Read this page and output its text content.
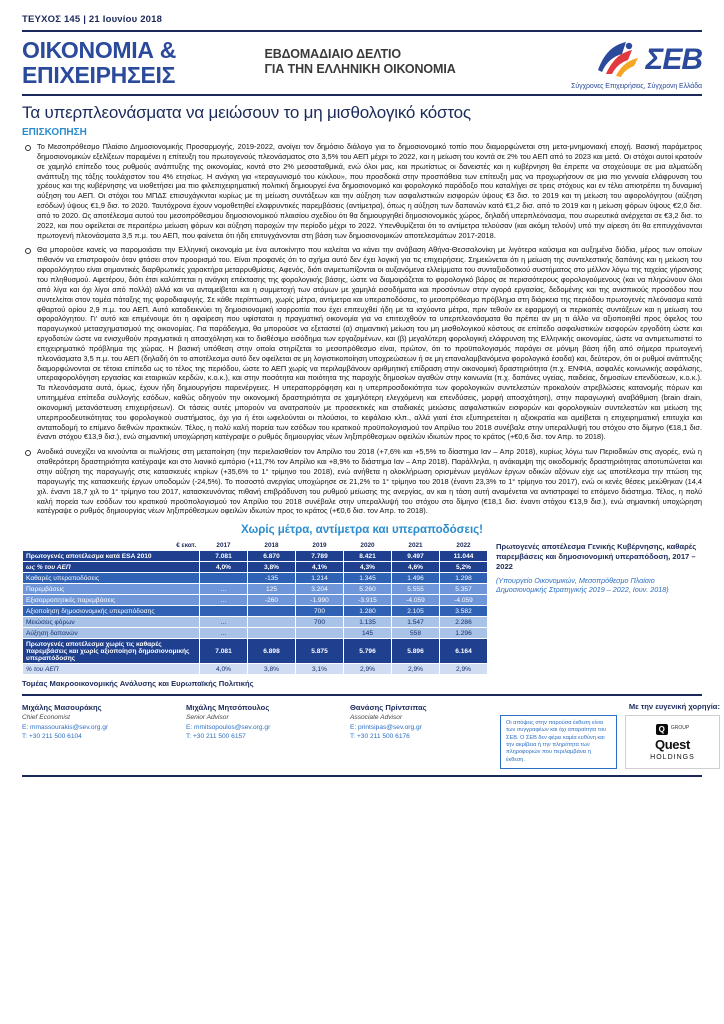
ΤΕΥΧΟΣ 145 | 21 Ιουνίου 2018
ΟΙΚΟΝΟΜΙΑ &
ΕΠΙΧΕΙΡΗΣΕΙΣ
ΕΒΔΟΜΑΔΙΑΙΟ ΔΕΛΤΙΟ
ΓΙΑ ΤΗΝ ΕΛΛΗΝΙΚΗ ΟΙΚΟΝΟΜΙΑ	ΣΕΒ
Σύγχρονες Επιχειρήσεις, Σύγχρονη Ελλάδα
Τα υπερπλεονάσματα να μειώσουν το μη μισθολογικό κόστος
ΕΠΙΣΚΟΠΗΣΗ
Το Μεσοπρόθεσμο Πλαίσιο Δημοσιονομικής Προσαρμογής, 2019-2022, ανοίγει τον δημόσιο διάλογο για το δημοσιονομικό τοπίο που διαμορφώνεται στη μετα-μνημονιακή εποχή. Βασική παράμετρος δημοσιονομικών εξελίξεων παραμένει η επίτευξη του πρωτογενούς πλεονάσματος στο 3,5% του ΑΕΠ μέχρι το 2022, και η μείωση του κοντά σε 2% του ΑΕΠ από το 2023 και μετά. Οι στόχοι αυτοί κρατούν σε χαμηλό επίπεδο τους ρυθμούς ανάπτυξης της οικονομίας, κοντά στο 2% μεσοσταθμικά, ενώ όλοι μας, και πρωτίστως οι δανειστές και η κυβέρνηση θα έπρεπε να στοχεύουμε σε μια αλματώδη ανάπτυξη της τάξης τουλάχιστον του 4% ετησίως. Η ανάγκη για «τεραγωνισμό του κύκλου», που προσδοκά στην προσπάθεια των επίτευξη μας να προχωρήσουν σε μια πιο γενναία ελάφρυνση του χρέους και της κυβέρνησης να υιοθετήσει μια πιο φιλεπιχειρηματική πολιτική δημιουργεί ένα δημοσιονομικό και φορολογικό παράδοξο που καταλήγει σε τρεις στόχους και εν τέλει απιοτρέπει τη δυναμική αύξηση του ΑΕΠ. Οι στόχοι του ΜΠΔΣ επισυχάγκνται κυρίως με τη μείωση συντάξεων και την αύξηση των ασφαλιστικών εισφορών ύψους €3 δισ. το 2019 και τη μείωση του αφορολόγητου (αύξηση εσόδων) ύψους €1,9 δισ. το 2020. Ταυτόχρονα έχουν νομοθετηθεί ελαφρυντικές παρεμβάσεις (αντίμετρα), όπως η αύξηση των δαπανών κατά €1,2 δισ. από το 2019 και η μείωση φόρων ύψους €2,0 δισ. από το 2020. Ως αποτέλεσμα αυτού του μεσοπρόθεσμου δημοσιονομικού πλαισίου σχεδίου ότι θα δημιουργηθεί δημοσιονομικός χώρος, δηλαδή υπερπλεόνασμα, που σωρευτικά ανέρχεται σε €3,2 δισ. το 2022, και που οφείλεται σε περαιτέρω μείωση φόρων και αύξηση παροχών την περίοδο μέχρι το 2022. Υπενθυμίζεται ότι το αντίμετρα τελούσαν (και ακόμη τελούν) υπό την αίρεση ότι θα επιτυγχάνονται πρωτογενή πλεονάσματα 3,5 π.μ. του ΑΕΠ, που φαίνεται ότι ήδη επιτυγχάνονται στη βάση των δημοσιονομικών αποτελεσμάτων 2017-2018.
Θα μπορούσε κανείς να παρομοιάσει την Ελληνική οικονομία με ένα αυτοκίνητο που καλείται να κάνει την ανάβαση Αθήνα-Θεσσαλονίκη με λιγότερα καύσιμα και αυξημένα διόδια, μέρος των οποίων πιθανόν να επιστραφούν όταν φτάσει στον προορισμό του. Είναι προφανές ότι το σχήμα αυτό δεν έχει λογική για τις επιχειρήσεις. Σημειώνεται ότι η μείωση της συντελεστικής δαπάνης και η μείωση του αφορολόγητου είναι σημαντικές διαρθρωτικές χαρακτήρα μεταρρυθμίσεις. Αφενός, διότι ανιμετωπίζονται οι αυξανόμενα ελλείμματα του συνταξιοδοτικού συστήματος στο μέλλον λόγω της ταχείας γήρανσης του πληθυσμού. Αφετέρου, διότι έτσι καλύπτεται η ανάγκη επέκτασης της φορολογικής βάσης, ώστε να διαμοιράζεται το φορολογικό βάρος σε περισσότερους φορολογούμενους (και να πληρώνουν όλοι από λίγα και όχι λίγοι από πολλά) αλλά και να ανταμείβεται και η συμμετοχή των ατόμων με χαμηλά εισοδήματα και προσόντων στην αγορά εργασίας, δεδομένης και της ανισπικούς προσόδου που συντελείται στον τομέα πάταξης της φοροδιαφυγής. Σε κάθε περίπτωση, χωρίς μέτρα, αντίμετρα και υπεραποδόσεις, το μεσοπρόθεσμο πρόβλημα στη διάρκεια της περιόδου πρωτογενές πλεόνασμα κατά φθαρτού ορίου 2,9 π.μ. του ΑΕΠ. Αυτό καταδεικνύει τη δημοσιονομική ισορροπία που έχει επιτευχθεί ήδη με τα ισχύοντα μέτρα, πριν τεθούν εκ εφαρμογή οι περικοπές συντάξεων και η μείωση του αφορολόγητου. Γι' αυτό και επιμένουμε ότι η αφαίρεση που υφίσταται η πραγματική οικονομία για να επιτευχθούν τα υπερπλεονάσματα θα πρέπει αν μη τι άλλο να αξιοποιηθεί προς όφελος του παραγωγικού μετασχηματισμού της οικονομίας. Για παράδειγμα, θα μπορούσε να εξεταστεί (α) σημαντική μείωση του μη μισθολογικού κόστους σε επίπεδο ασφαλιστικών εισφορών εργοδότη ώστε και εργοδοτών ώστε να ενισχυθούν πραγματικά η απασχόληση και το διαθέσιμο εισόδημα των εργαζομένων, και (β) μεγαλύτερη φορολογική ελάφρυνση της Ελληνικής οικονομίας, ώστε να αντιμετωπιστεί το επιχειρηματικό πρόβλημα της χώρας. Η βασική υπόθεση στην οποία στηρίζεται το μεσοπρόθεσμο είναι, πρώτον, ότι το προϋπολογισμός παράγει σε μόνιμη βάση ήδη από σήμερα πρωτογενή πλεονάσματα 3,5 π.μ. του ΑΕΠ (δηλαδή ότι το αποτέλεσμα αυτό δεν οφείλεται σε μη λογιστικοποίηση υποχρεώσεων ή σε μη επαναλαμβανόμενα φορολογικά έσοδα) και, δεύτερον, ότι οι ρυθμοί ανάπτυξης διαμορφώνονται σε τέτοια επίπεδα ως το τέλος της περιόδου, ώστε το ΑΕΠ χωρίς να περιλαμβάνουν αριθμητική επίδραση στην οικονομική δραστηριότητα (π.χ. ΕΝΦΙΑ, ασφαλές κοινωνικής ασφάλισης, υπεραφορολόγηση εργασίας και εταιρικών κερδών, κ.ο.κ.), και στην ποσότητα και ποιότητα της παροχής δημοσίων αγαθών στην κοινωνία (π.χ. δαπάνες υγείας, παιδείας, δημοσίων επενδύσεων, κ.ο.κ.). Τα πλεονάσματα αυτά, όμως, έχουν ήδη δημιουργήσει παρενέργειες. Η υπεραπορρόφηση και η υπερπροσδοκιότητα των φορολογικών συντελεστών προκαλούν στρεβλώσεις κατανομής πόρων και υπιτημμένα επίπεδα συλλογής εσόδων, καθώς οδηγούν την οικονομική δραστηριότητα σε χαμηλότερη ελεγχόμενη και επενδύσεις, μορφή αποσχάτηση), στην παραγωγική αναβάθμιση (brain drain, οικονομική μετανάστευση επιχειρήσεων). Οι τάσεις αυτές μπορούν να ανατραπούν με προσεκτικές και σταδιακές μειώσεις ασφαλιστικών εισφορών και φορολογικών συντελεστών και μείωση της υπερπροοδευτικότητας του φορολογικού συστήματος, όχι για ή έτοι ωφελούνται οι πλούσιοι, το κεφάλαιο κλπ., αλλά γιατί έτσι εξυπηρετείται η αξιοκρατία και αμείβεται η επιχειρηματική επιτυχία και ανταποδομή το επίμενο διεθνών πρακτικών. Τέλος, η πολύ καλή πορεία των εσόδων του κρατικού προϋπολογισμού τον Απρίλιο του 2018 συνέβαλε στην υπεραλλυψή του στόχου στο δίμηνο (€18,1 δισ. έναντι στόχου €13,9 δισ.), ενώ σημαντική υποχώρηση κατέγραψε ο ρυθμός δημιουργίας νέων ληξιπρόθεσμων οφειλών ιδιωτών προς το κράτος (+€0,6 δισ. τον Απρ. το 2018).
Ανοδικά συνεχίζει να κινούνται οι πωλήσεις στη μεταποίηση (την περιελαισθείον τον Απρίλιο του 2018 (+7,6% και +5,5% το δίαστημα Ιαν – Απρ 2018), κυρίως λόγω των Περιοδικών στις αγορές, ενώ η σταθερότερη δραστηριότητα κατέγραψε και στο λιανικό εμπόριο (+11,7% τον Απρίλιο και +8,9% το διάστημα Ιαν – Απρ 2018). Παράλληλα, η ανάκαμψη της οικοδομικής δραστηριότητας αποτυπώνεται και στην αύξηση της παραγωγής στις κατασκευές κτιρίων (+35,6% το 1° τρίμηνο του 2018), ενώ ανήθετα η ολοκλήρωση ορισμένων μεγάλων έργων οδικών αξόνων είχε ως αποτέλεσμα την πτώση της παραγωγής της κατασκευής έργων υποδομών (-24,5%). Το ποσοστό ανεργίας υποχώρησε σε 21,2% το 1° τρίμηνο του 2018 (έναντι 23,3% το 1° τρίμηνο του 2017), ενώ οι κενές θέσεις μειώθηκαν (14,4 χιλ. έναντι 18,7 χιλ το 1° τρίμηνο του 2017, κατασκευνόντας πιθανή επιβράδυνση του ρυθμού μείωσης της ανεργίας, αν και η τάση αυτή αναμένεται να αντιστραφεί το επόμενο διάστημα. Τέλος, η πολύ καλή πορεία των εσόδων του κρατικού προϋπολογισμού τον Απρίλιο του 2018 συνέβαλε στην υπεραλλυψή του στόχου στο δίμηνο (€18,1 δισ. έναντι στόχου €13,9 δισ.), ενώ σημαντική υποχώρηση κατέγραψε ο ρυθμός δημιουργίας νέων ληξιπρόθεσμων οφειλών ιδιωτών προς το κράτος (+€0,6 δισ. τον Απρ. το 2018).
Χωρίς μέτρα, αντίμετρα και υπεραποδόσεις!
€ εκατ.	2017	2018	2019	2020	2021	2022
Πρωτογενές αποτέλεσμα κατά ESA 2010	7.081	6.870	7.789	8.421	9.497	11.044
ως % του ΑΕΠ	4,0%	3,8%	4,1%	4,3%	4,6%	5,2%
Καθαρές υπεραποδόσεις		-135	1.214	1.345	1.496	1.298
Παρεμβάσεις	...	125	3.204	5.260	5.555	5.357
Εξισορροπητικές παρεμβάσεις	...	-260	-1.990	-3.915	-4.059	-4.059
Αξιοποίηση δημοσιονομικής υπεραπόδοσης			700	1.280	2.105	3.582
Μειώσεις φόρων	...		700	1.135	1.547	2.286
Αύξηση δαπανών	...			145	558	1.296
Πρωτογενές αποτέλεσμα χωρίς τις καθαρές παρεμβάσεις και χωρίς αξιοποίηση δημοσιονομικής υπεραπόδοσης	7.081	6.898	5.875	5.796	5.896	6.164
% του ΑΕΠ	4,0%	3,8%	3,1%	2,9%	2,9%	2,9%
Πρωτογενές αποτέλεσμα Γενικής Κυβέρνησης, καθαρές παρεμβάσεις και δημοσιονομική υπεραπόδοση, 2017 – 2022
(Υπουργείο Οικονομικών, Μεσοπρόθεσμο Πλαίσιο Δημοσιονομικής Στρατηγικής 2019 – 2022, Ιουν. 2018)
Τομέας Μακροοικονομικής Ανάλυσης και Ευρωπαϊκής Πολιτικής
Μιχάλης Μασουράκης
Chief Economist
E: mmassourakis@sev.org.gr
T: +30 211 500 6104
Μιχάλης Μητσόπουλος
Senior Advisor
E: mmitsopoulos@sev.org.gr
T: +30 211 500 6157
Θανάσης Πρίντσιπας
Associate Advisor
E: printsipas@sev.org.gr
T: +30 211 500 6176
Με την ευγενική χορηγία:
Οι απόψεις στην παρούσα έκθεση είναι των συγγραφέων και όχι απαραίτητα του ΣΕΒ. Ο ΣΕΒ δεν φέρει καμία ευθύνη και την ακρίβεια ή την πληρότητα των πληροφοριών που περιλαμβάνει η έκθεση.
Q	GROUP
Quest
HOLDINGS
